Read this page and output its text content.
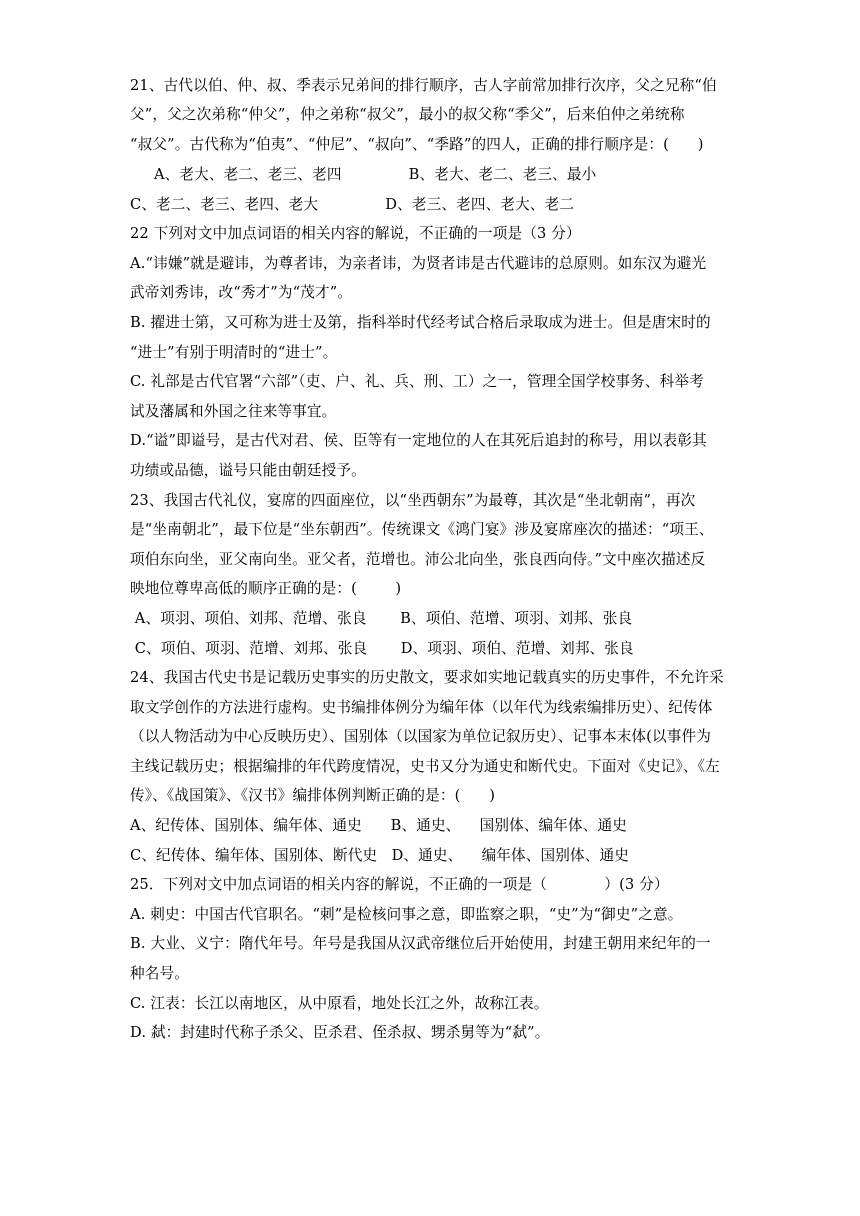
21、古代以伯、仲、叔、季表示兄弟间的排行顺序，古人字前常加排行次序，父之兄称“伯
父”，父之次弟称“仲父”，仲之弟称“叔父”，最小的叔父称“季父”，后来伯仲之弟统称
“叔父”。古代称为“伯夷”、“仲尼”、“叔向”、“季路”的四人，正确的排行顺序是：(      )
A、老大、老二、老三、老四              B、老大、老二、老三、最小
C、老二、老三、老四、老大              D、老三、老四、老大、老二
22 下列对文中加点词语的相关内容的解说，不正确的一项是（3 分）
A.“讳嫌”就是避讳，为尊者讳，为亲者讳，为贤者讳是古代避讳的总原则。如东汉为避光
武帝刘秀讳，改“秀才”为“茂才”。
B. 擢进士第，又可称为进士及第，指科举时代经考试合格后录取成为进士。但是唐宋时的
“进士”有别于明清时的“进士”。
C. 礼部是古代官署“六部”（吏、户、礼、兵、刑、工）之一，管理全国学校事务、科举考
试及藩属和外国之往来等事宜。
D.“谥”即谥号，是古代对君、侯、臣等有一定地位的人在其死后追封的称号，用以表彰其
功绩或品德，谥号只能由朝廷授予。
23、我国古代礼仪，宴席的四面座位，以“坐西朝东”为最尊，其次是“坐北朝南”，再次
是“坐南朝北”，最下位是“坐东朝西”。传统课文《鸿门宴》涉及宴席座次的描述：“项王、
项伯东向坐，亚父南向坐。亚父者，范增也。沛公北向坐，张良西向侍。”文中座次描述反
映地位尊卑高低的顺序正确的是：(        )
A、项羽、项伯、刘邦、范增、张良       B、项伯、范增、项羽、刘邦、张良
C、项伯、项羽、范增、刘邦、张良       D、项羽、项伯、范增、刘邦、张良
24、我国古代史书是记载历史事实的历史散文，要求如实地记载真实的历史事件，不允许采
取文学创作的方法进行虚构。史书编排体例分为编年体（以年代为线索编排历史）、纪传体
（以人物活动为中心反映历史）、国别体（以国家为单位记叙历史）、记事本末体(以事件为
主线记载历史；根据编排的年代跨度情况，史书又分为通史和断代史。下面对《史记》、《左
传》、《战国策》、《汉书》编排体例判断正确的是：(      )
A、纪传体、国别体、编年体、通史      B、通史、    国别体、编年体、通史
C、纪传体、编年体、国别体、断代史   D、通史、    编年体、国别体、通史
25．下列对文中加点词语的相关内容的解说，不正确的一项是（            ）(3 分）
A. 刺史：中国古代官职名。“刺”是检核问事之意，即监察之职，“史”为“御史”之意。
B. 大业、义宁：隋代年号。年号是我国从汉武帝继位后开始使用，封建王朝用来纪年的一
种名号。
C. 江表：长江以南地区，从中原看，地处长江之外，故称江表。
D. 弑：封建时代称子杀父、臣杀君、侄杀叔、甥杀舅等为“弑”。
